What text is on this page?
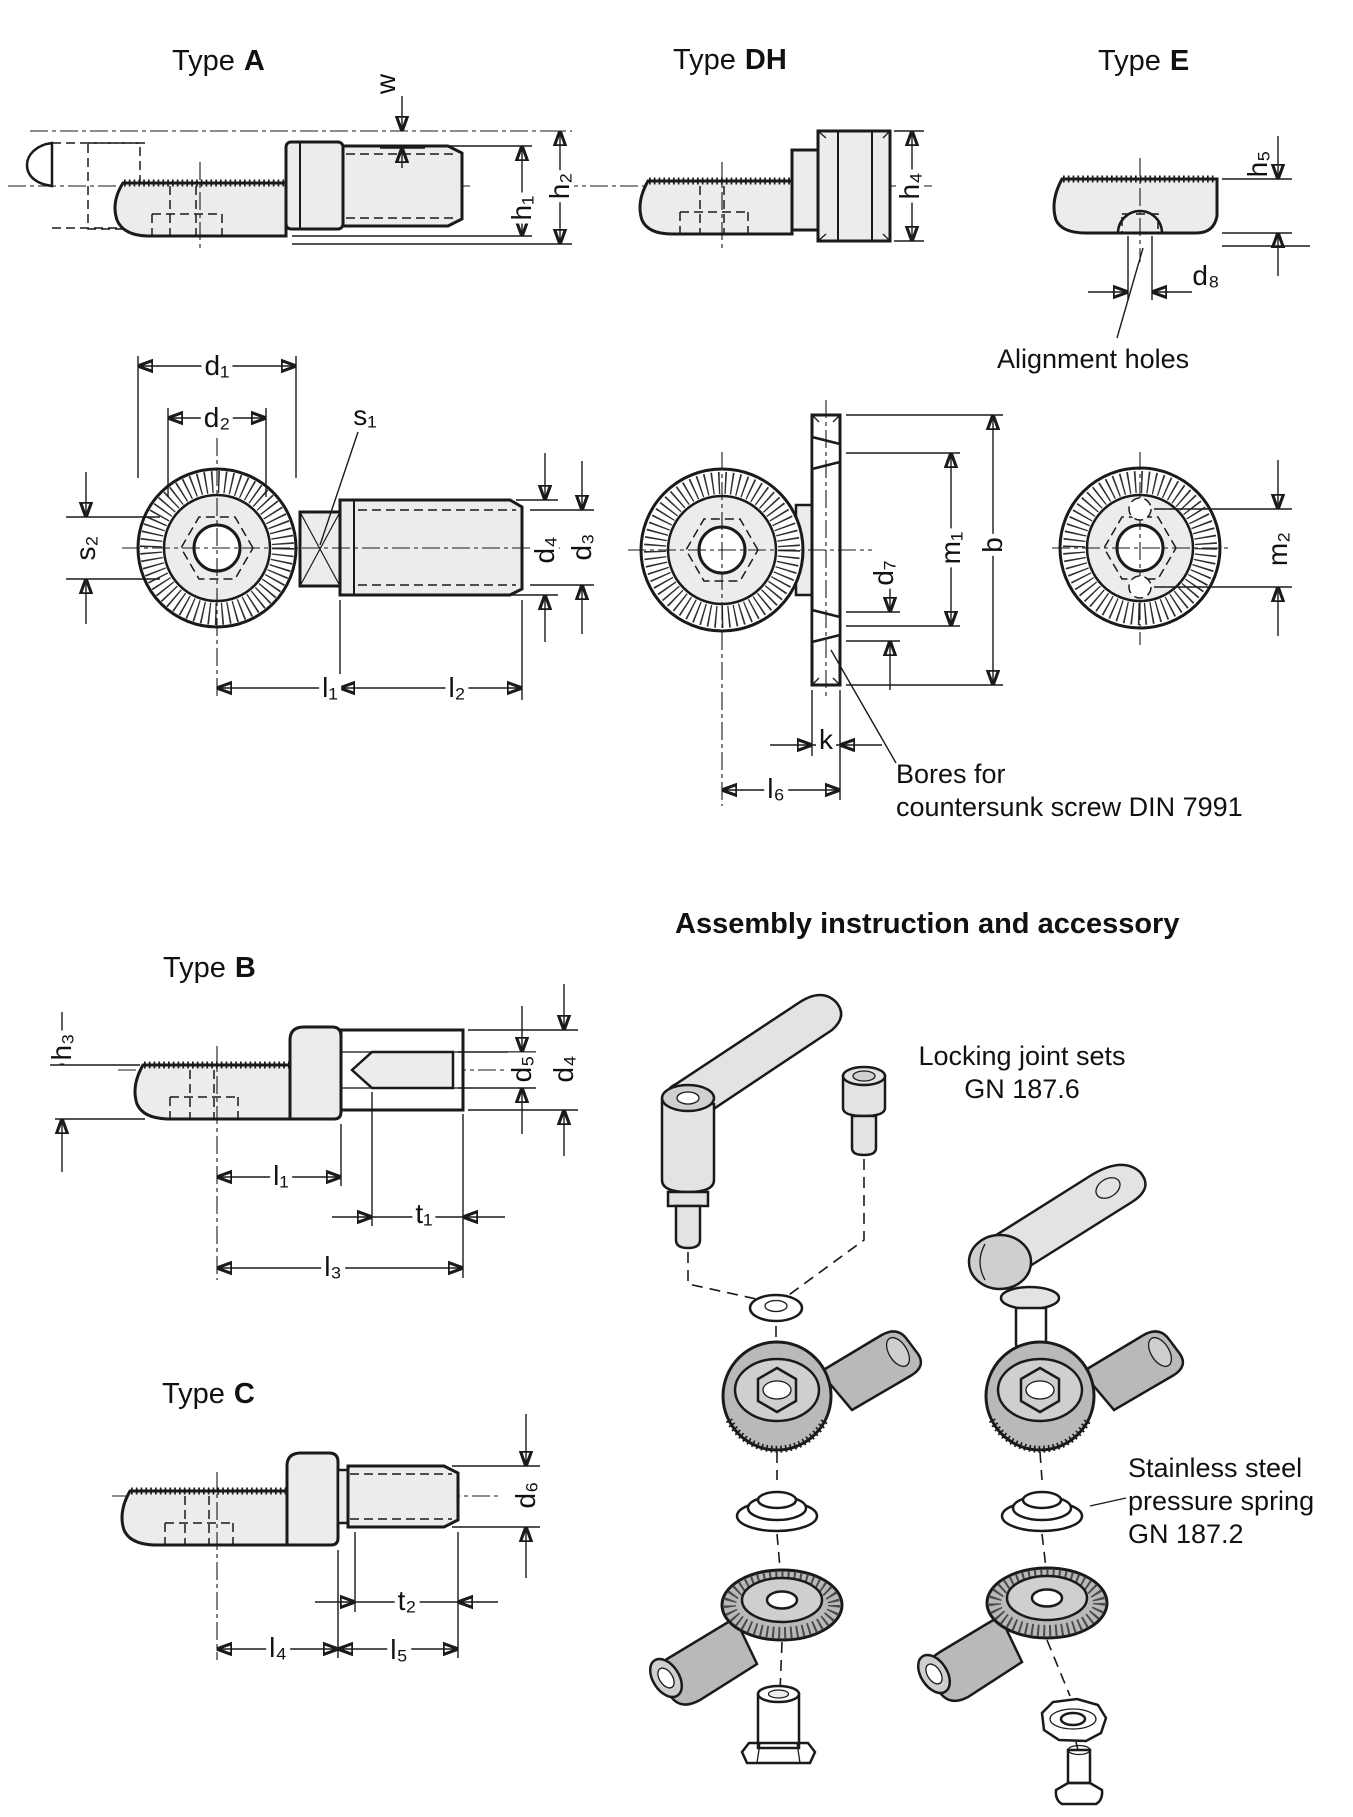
Type A	Type DH	Type E
Type B
Type C
w
h₁
h₂	h₄
h₅
d₈
d₁
d₂	s₁
s₂	d₄ d₃
l₁	l₂
d₇
m₁ b
k
l₆
m₂
h₃
d₅ d₄
l₁
t₁
l₃
d₆
t₂
l₄	l₅
Alignment holes
Bores for
countersunk screw DIN 7991
Assembly instruction and accessory
Locking joint sets
GN 187.6
Stainless steel
pressure spring
GN 187.2
